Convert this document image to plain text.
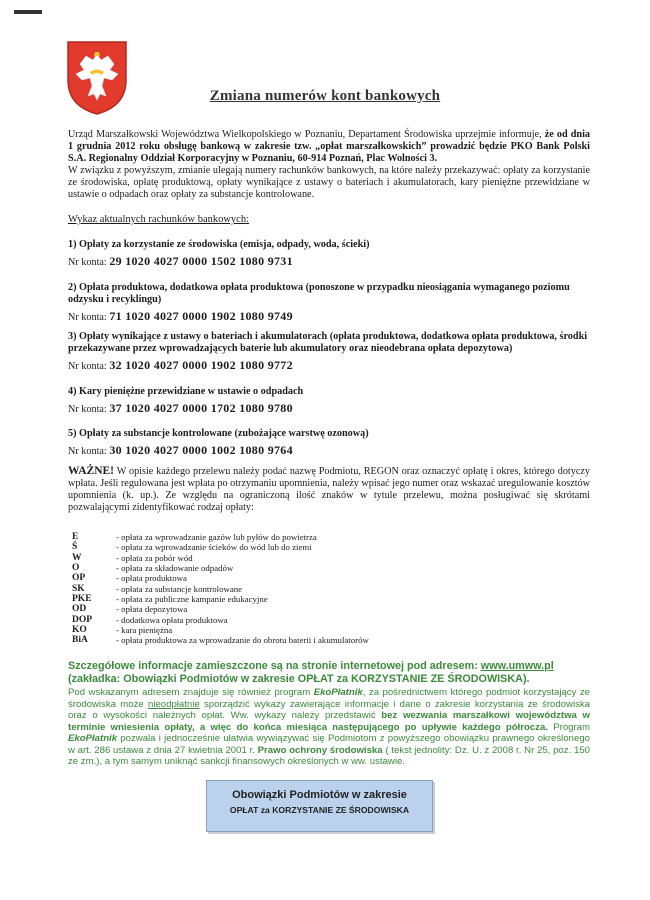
Zmiana numerów kont bankowych
Urząd Marszałkowski Województwa Wielkopolskiego w Poznaniu, Departament Środowiska uprzejmie informuje, że od dnia 1 grudnia 2012 roku obsługę bankową w zakresie tzw. „opłat marszałkowskich” prowadzić będzie PKO Bank Polski S.A. Regionalny Oddział Korporacyjny w Poznaniu, 60-914 Poznań, Plac Wolności 3.
W związku z powyższym, zmianie ulegają numery rachunków bankowych, na które należy przekazywać: opłaty za korzystanie ze środowiska, opłatę produktową, opłaty wynikające z ustawy o bateriach i akumulatorach, kary pieniężne przewidziane w ustawie o odpadach oraz opłaty za substancje kontrolowane.
Wykaz aktualnych rachunków bankowych:
1) Opłaty za korzystanie ze środowiska (emisja, odpady, woda, ścieki)
Nr konta: 29 1020 4027 0000 1502 1080 9731
2) Opłata produktowa, dodatkowa opłata produktowa (ponoszone w przypadku nieosiągania wymaganego poziomu odzysku i recyklingu)
Nr konta: 71 1020 4027 0000 1902 1080 9749
3) Opłaty wynikające z ustawy o bateriach i akumulatorach (opłata produktowa, dodatkowa opłata produktowa, środki przekazywane przez wprowadzających baterie lub akumulatory oraz nieodebrana opłata depozytowa)
Nr konta: 32 1020 4027 0000 1902 1080 9772
4) Kary pieniężne przewidziane w ustawie o odpadach
Nr konta: 37 1020 4027 0000 1702 1080 9780
5) Opłaty za substancje kontrolowane (zubożające warstwę ozonową)
Nr konta: 30 1020 4027 0000 1002 1080 9764
WAŻNE! W opisie każdego przelewu należy podać nazwę Podmiotu, REGON oraz oznaczyć opłatę i okres, którego dotyczy wpłata. Jeśli regulowana jest wpłata po otrzymaniu upomnienia, należy wpisać jego numer oraz wskazać uregulowanie kosztów upomnienia (k. up.). Ze względu na ograniczoną ilość znaków w tytule przelewu, można posługiwać się skrótami pozwalającymi zidentyfikować rodzaj opłaty:
E	- opłata za wprowadzanie gazów lub pyłów do powietrza
Ś	- opłata za wprowadzanie ścieków do wód lub do ziemi
W	- opłata za pobór wód
O	- opłata za składowanie odpadów
OP	- opłata produktowa
SK	- opłata za substancje kontrolowane
PKE	- opłata za publiczne kampanie edukacyjne
OD	- opłata depozytowa
DOP	- dodatkowa opłata produktowa
KO	- kara pieniężna
BiA	- opłata produktowa za wprowadzanie do obrotu baterii i akumulatorów
Szczegółowe informacje zamieszczone są na stronie internetowej pod adresem: www.umww.pl
(zakładka: Obowiązki Podmiotów w zakresie OPŁAT za KORZYSTANIE ZE ŚRODOWISKA).
Pod wskazanym adresem znajduje się również program EkoPłatnik, za pośrednictwem którego podmiot korzystający ze środowiska może nieodpłatnie sporządzić wykazy zawierające informacje i dane o zakresie korzystania ze środowiska oraz o wysokości należnych opłat. Ww. wykazy należy przedstawić bez wezwania marszałkowi województwa w terminie wniesienia opłaty, a więc do końca miesiąca następującego po upływie każdego półrocza. Program EkoPłatnik pozwala i jednocześnie ułatwia wywiązywać się Podmiotom z powyższego obowiązku prawnego określonego w art. 286 ustawa z dnia 27 kwietnia 2001 r. Prawo ochrony środowiska ( tekst jednolity: Dz. U. z 2008 r. Nr 25, poz. 150 ze zm.), a tym samym uniknąć sankcji finansowych określonych w ww. ustawie.
Obowiązki Podmiotów w zakresie
OPŁAT za KORZYSTANIE ZE ŚRODOWISKA
